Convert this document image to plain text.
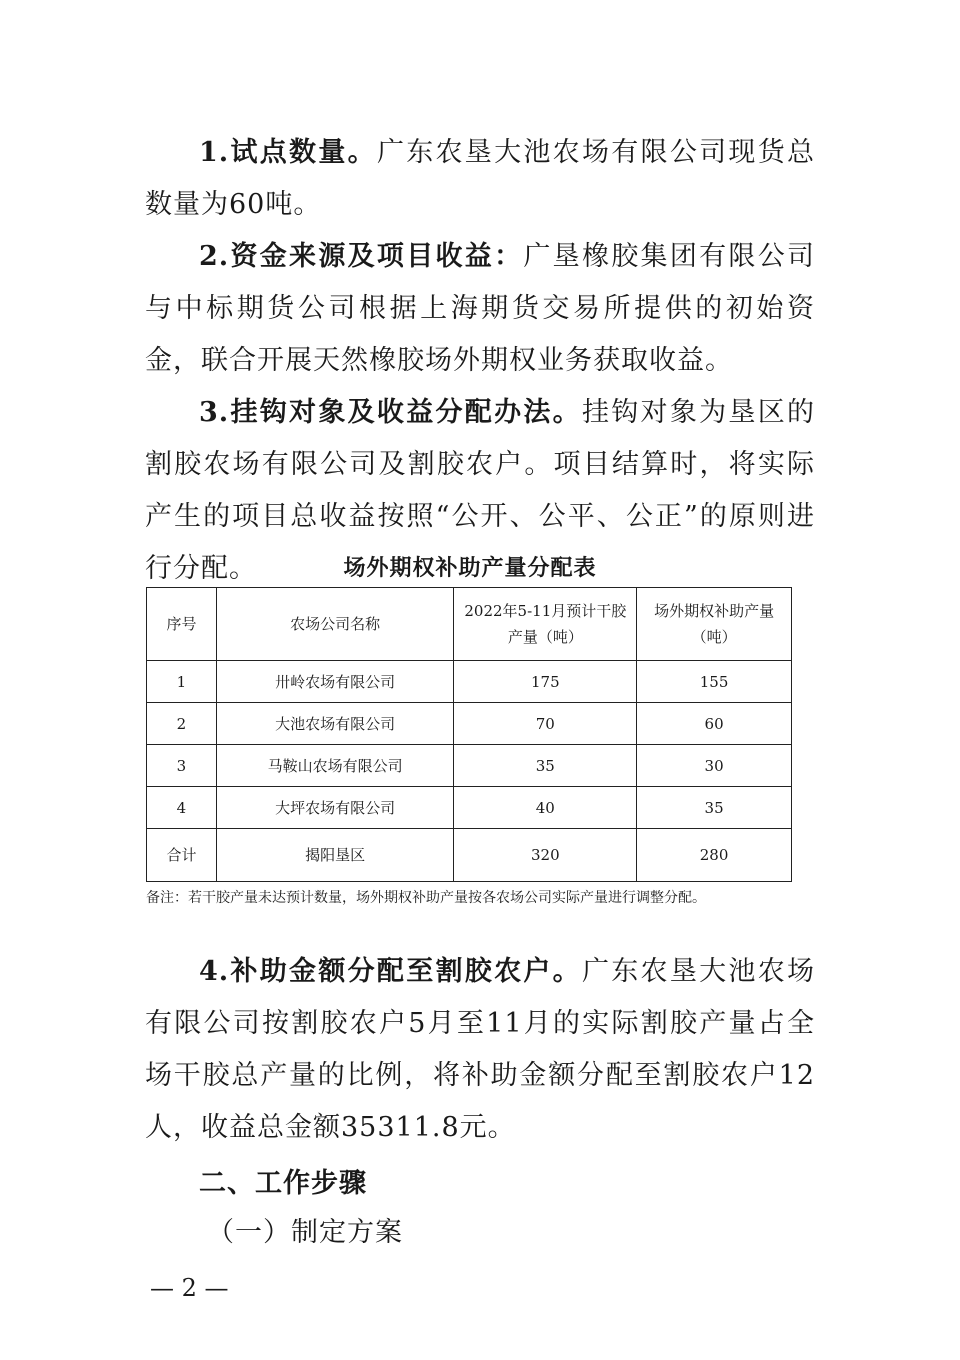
1.试点数量。广东农垦大池农场有限公司现货总数量为60吨。

2.资金来源及项目收益：广垦橡胶集团有限公司与中标期货公司根据上海期货交易所提供的初始资金，联合开展天然橡胶场外期权业务获取收益。

3.挂钩对象及收益分配办法。挂钩对象为垦区的割胶农场有限公司及割胶农户。项目结算时，将实际产生的项目总收益按照“公开、公平、公正”的原则进行分配。	场外期权补助产量分配表
序号	农场公司名称	2022年5-11月预计干胶产量（吨）	场外期权补助产量（吨）
1	卅岭农场有限公司	175	155
2	大池农场有限公司	70	60
3	马鞍山农场有限公司	35	30
4	大坪农场有限公司	40	35
合计	揭阳垦区	320	280

备注：若干胶产量未达预计数量，场外期权补助产量按各农场公司实际产量进行调整分配。

4.补助金额分配至割胶农户。广东农垦大池农场有限公司按割胶农户5月至11月的实际割胶产量占全场干胶总产量的比例，将补助金额分配至割胶农户12人，收益总金额35311.8元。

二、工作步骤

（一）制定方案

— 2 —
